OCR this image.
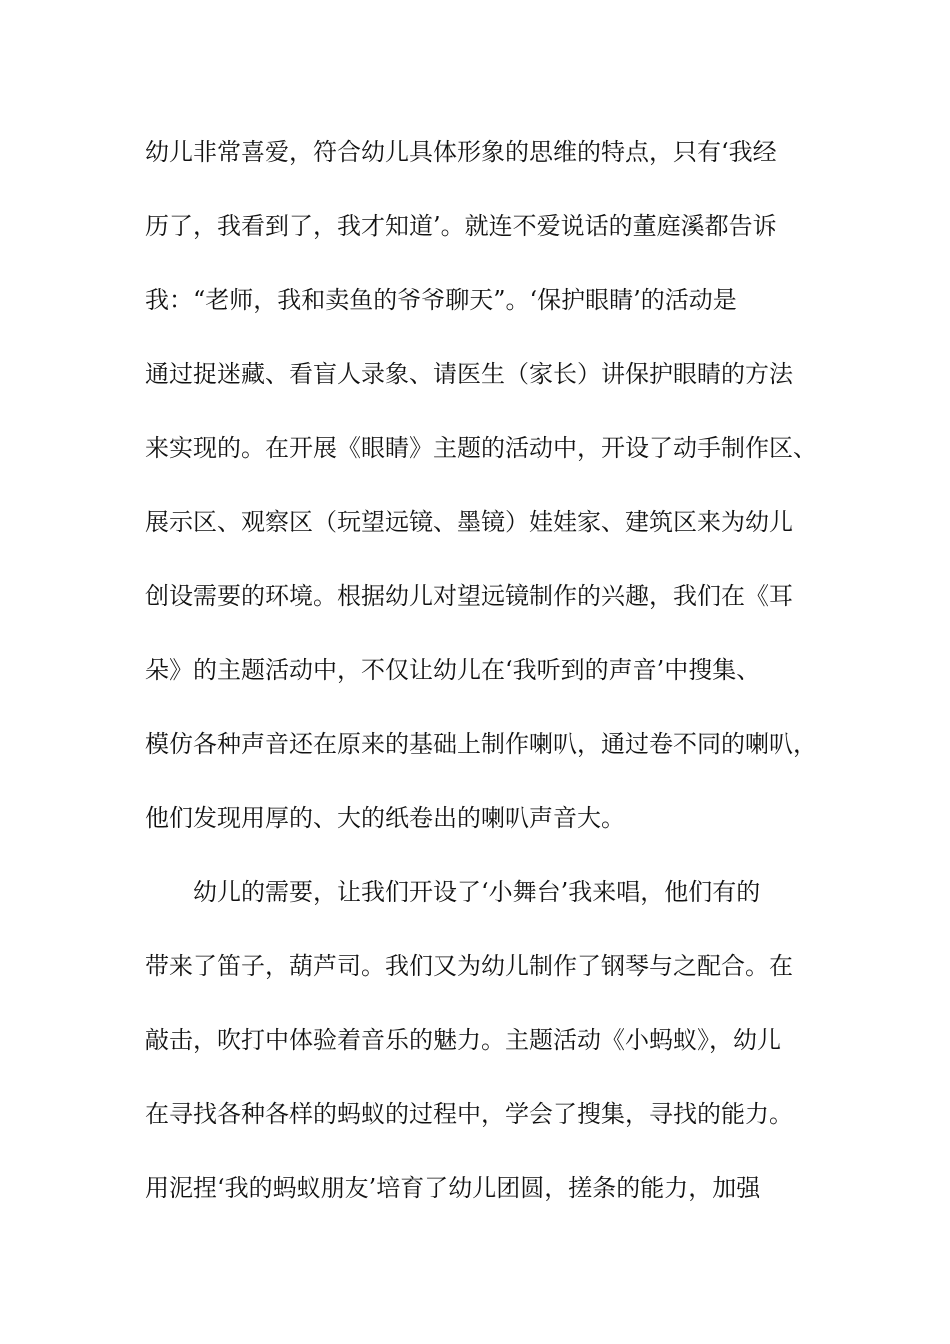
幼儿非常喜爱，符合幼儿具体形象的思维的特点，只有‘我经
历了，我看到了，我才知道’。就连不爱说话的董庭溪都告诉
我：“老师，我和卖鱼的爷爷聊天”。‘保护眼睛’的活动是
通过捉迷藏、看盲人录象、请医生（家长）讲保护眼睛的方法
来实现的。在开展《眼睛》主题的活动中，开设了动手制作区、
展示区、观察区（玩望远镜、墨镜）娃娃家、建筑区来为幼儿
创设需要的环境。根据幼儿对望远镜制作的兴趣，我们在《耳
朵》的主题活动中，不仅让幼儿在‘我听到的声音’中搜集、
模仿各种声音还在原来的基础上制作喇叭，通过卷不同的喇叭，
他们发现用厚的、大的纸卷出的喇叭声音大。
幼儿的需要，让我们开设了‘小舞台’我来唱，他们有的
带来了笛子，葫芦司。我们又为幼儿制作了钢琴与之配合。在
敲击，吹打中体验着音乐的魅力。主题活动《小蚂蚁》，幼儿
在寻找各种各样的蚂蚁的过程中，学会了搜集，寻找的能力。
用泥捏‘我的蚂蚁朋友’培育了幼儿团圆，搓条的能力，加强
